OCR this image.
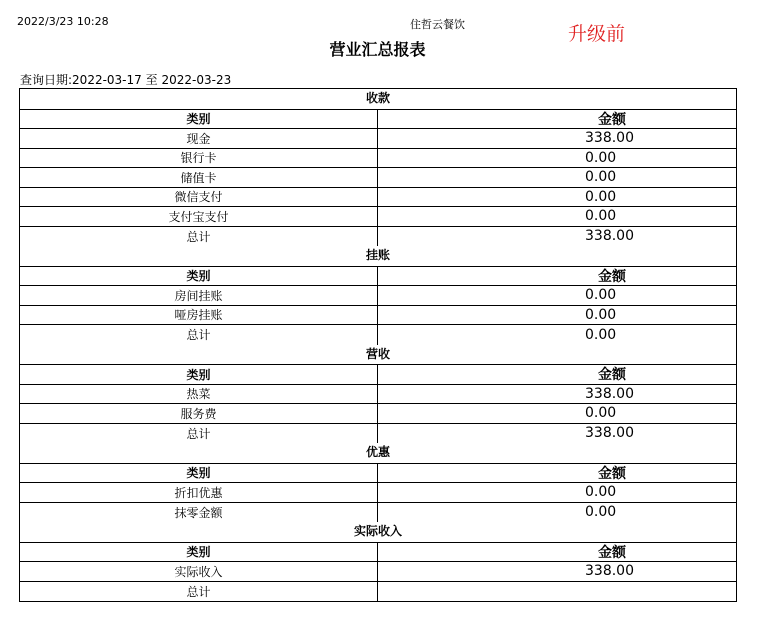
2022/3/23 10:28	住哲云餐饮	升级前
营业汇总报表
查询日期:2022-03-17 至 2022-03-23
收款
类别	金额
现金	338.00
银行卡	0.00
储值卡	0.00
微信支付	0.00
支付宝支付	0.00
总计	338.00
挂账
类别	金额
房间挂账	0.00
哑房挂账	0.00
总计	0.00
营收
类别	金额
热菜	338.00
服务费	0.00
总计	338.00
优惠
类别	金额
折扣优惠	0.00
抹零金额	0.00
实际收入
类别	金额
实际收入	338.00
总计
